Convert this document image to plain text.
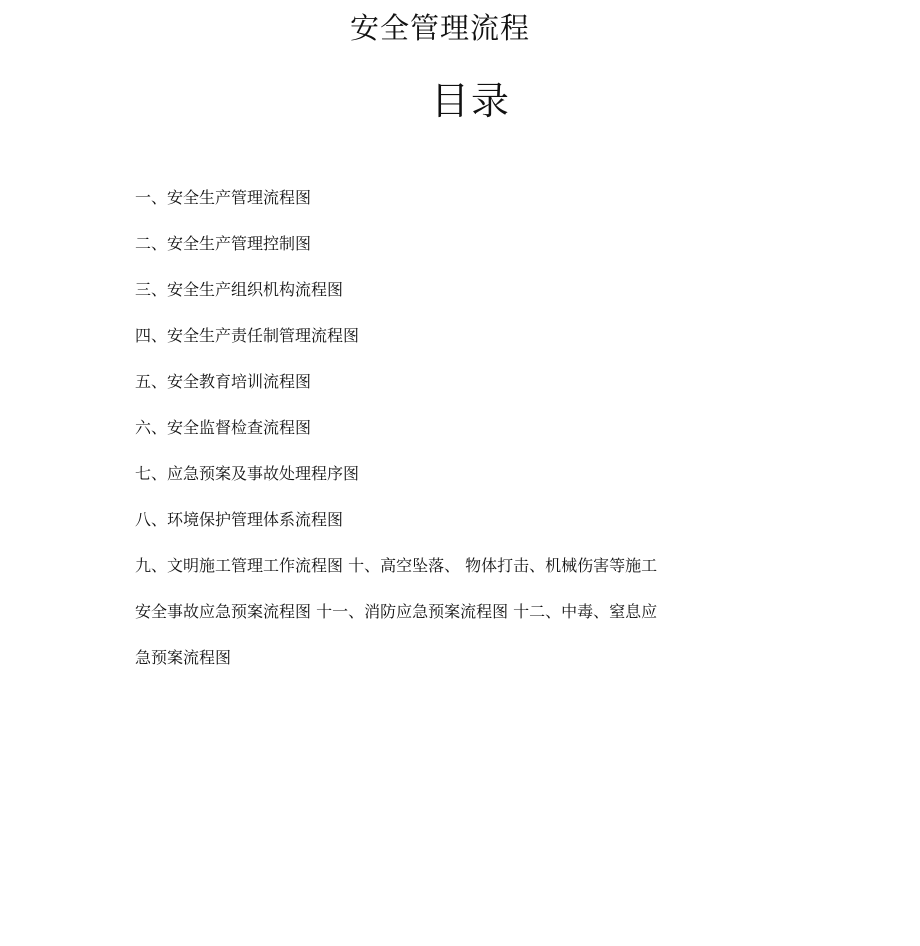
安全管理流程
目录
一、安全生产管理流程图
二、安全生产管理控制图
三、安全生产组织机构流程图
四、安全生产责任制管理流程图
五、安全教育培训流程图
六、安全监督检查流程图
七、应急预案及事故处理程序图
八、环境保护管理体系流程图
九、文明施工管理工作流程图 十、高空坠落、 物体打击、机械伤害等施工安全事故应急预案流程图 十一、消防应急预案流程图 十二、中毒、窒息应急预案流程图
